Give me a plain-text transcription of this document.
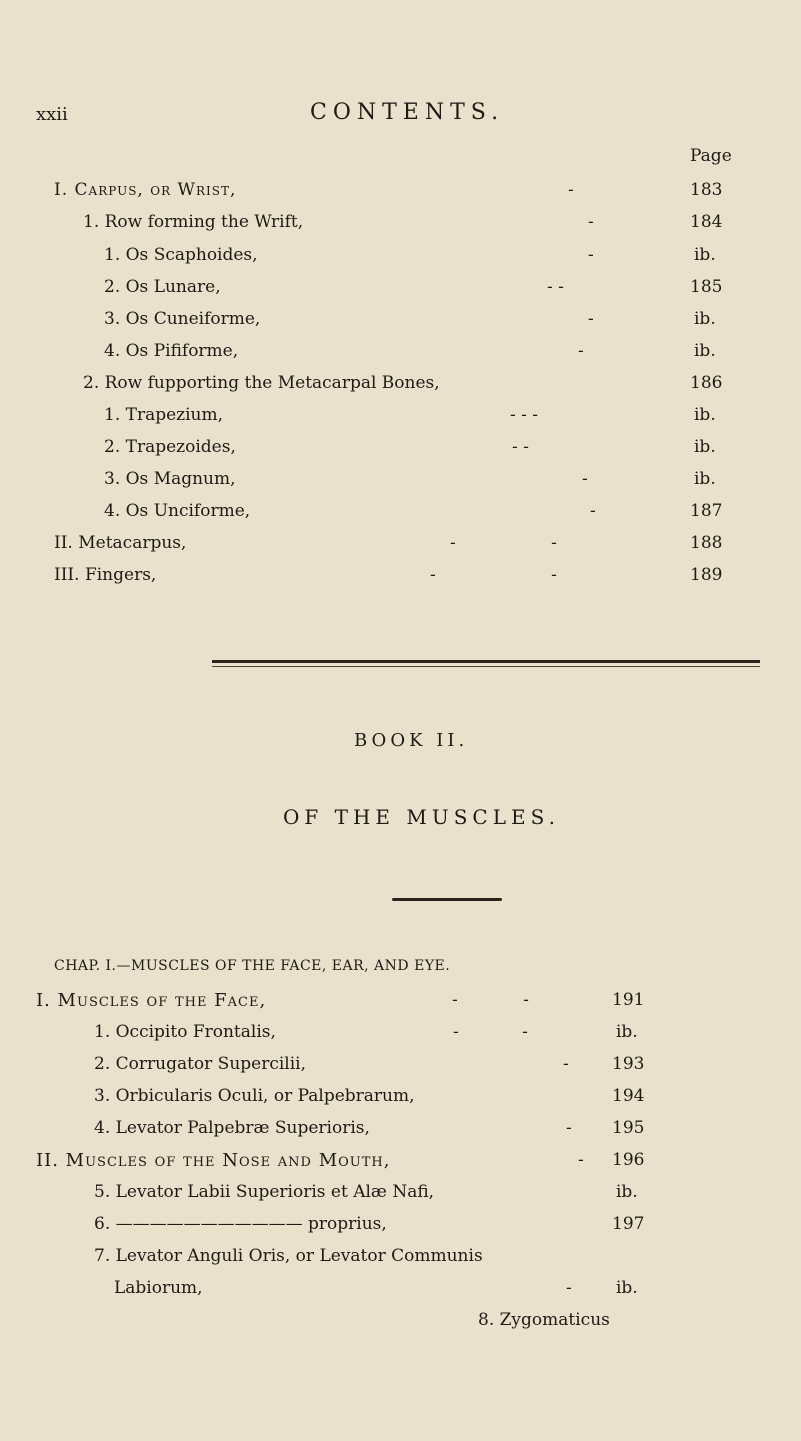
xxii	CONTENTS.
Page
I. Carpus, or Wrist,	-	183
1. Row forming the Wrift,	-	184
1. Os Scaphoides,	-	ib.
2. Os Lunare,	- -	185
3. Os Cuneiforme,	-	ib.
4. Os Pififorme,	-	ib.
2. Row fupporting the Metacarpal Bones,	186
1. Trapezium,	- - -	ib.
2. Trapezoides,	- -	ib.
3. Os Magnum,	-	ib.
4. Os Unciforme,	-	187
II. Metacarpus,	- -	188
III. Fingers,	- -	189
BOOK II.
OF THE MUSCLES.
CHAP. I.—MUSCLES OF THE FACE, EAR, AND EYE.
I. Muscles of the Face,	- -	191
1. Occipito Frontalis,	- -	ib.
2. Corrugator Supercilii,	-	193
3. Orbicularis Oculi, or Palpebrarum,	194
4. Levator Palpebræ Superioris,	- 195
II. Muscles of the Nose and Mouth,	- 196
5. Levator Labii Superioris et Alæ Nafi,	ib.
6. ——————————— proprius,	197
7. Levator Anguli Oris, or Levator Communis
Labiorum,	-	ib.
8. Zygomaticus
